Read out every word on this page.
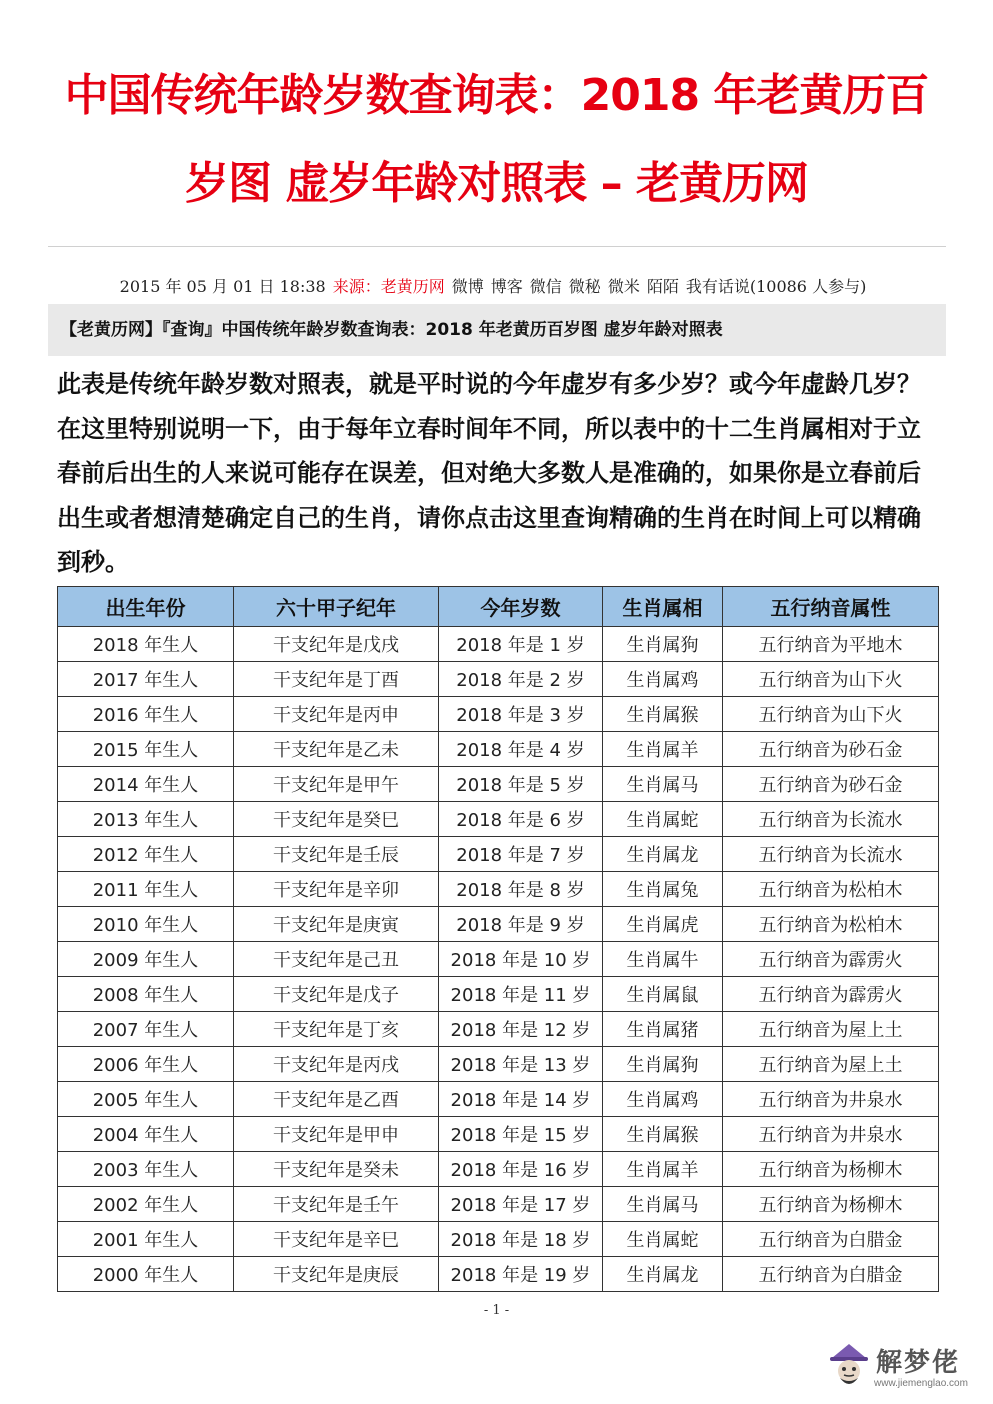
中国传统年龄岁数查询表：2018 年老黄历百岁图 虚岁年龄对照表 – 老黄历网
2015 年 05 月 01 日 18:38 来源：老黄历网 微博 博客 微信 微秘 微米 陌陌 我有话说(10086 人参与)
【老黄历网】『查询』中国传统年龄岁数查询表：2018 年老黄历百岁图 虚岁年龄对照表
此表是传统年龄岁数对照表，就是平时说的今年虚岁有多少岁？或今年虚龄几岁？在这里特别说明一下，由于每年立春时间年不同，所以表中的十二生肖属相对于立春前后出生的人来说可能存在误差，但对绝大多数人是准确的，如果你是立春前后出生或者想清楚确定自己的生肖，请你点击这里查询精确的生肖在时间上可以精确到秒。
出生年份	六十甲子纪年	今年岁数	生肖属相	五行纳音属性
2018 年生人	干支纪年是戊戌	2018 年是 1 岁	生肖属狗	五行纳音为平地木
2017 年生人	干支纪年是丁酉	2018 年是 2 岁	生肖属鸡	五行纳音为山下火
2016 年生人	干支纪年是丙申	2018 年是 3 岁	生肖属猴	五行纳音为山下火
2015 年生人	干支纪年是乙未	2018 年是 4 岁	生肖属羊	五行纳音为砂石金
2014 年生人	干支纪年是甲午	2018 年是 5 岁	生肖属马	五行纳音为砂石金
2013 年生人	干支纪年是癸巳	2018 年是 6 岁	生肖属蛇	五行纳音为长流水
2012 年生人	干支纪年是壬辰	2018 年是 7 岁	生肖属龙	五行纳音为长流水
2011 年生人	干支纪年是辛卯	2018 年是 8 岁	生肖属兔	五行纳音为松柏木
2010 年生人	干支纪年是庚寅	2018 年是 9 岁	生肖属虎	五行纳音为松柏木
2009 年生人	干支纪年是己丑	2018 年是 10 岁	生肖属牛	五行纳音为霹雳火
2008 年生人	干支纪年是戊子	2018 年是 11 岁	生肖属鼠	五行纳音为霹雳火
2007 年生人	干支纪年是丁亥	2018 年是 12 岁	生肖属猪	五行纳音为屋上土
2006 年生人	干支纪年是丙戌	2018 年是 13 岁	生肖属狗	五行纳音为屋上土
2005 年生人	干支纪年是乙酉	2018 年是 14 岁	生肖属鸡	五行纳音为井泉水
2004 年生人	干支纪年是甲申	2018 年是 15 岁	生肖属猴	五行纳音为井泉水
2003 年生人	干支纪年是癸未	2018 年是 16 岁	生肖属羊	五行纳音为杨柳木
2002 年生人	干支纪年是壬午	2018 年是 17 岁	生肖属马	五行纳音为杨柳木
2001 年生人	干支纪年是辛巳	2018 年是 18 岁	生肖属蛇	五行纳音为白腊金
2000 年生人	干支纪年是庚辰	2018 年是 19 岁	生肖属龙	五行纳音为白腊金
- 1 -
解梦佬
www.jiemenglao.com
